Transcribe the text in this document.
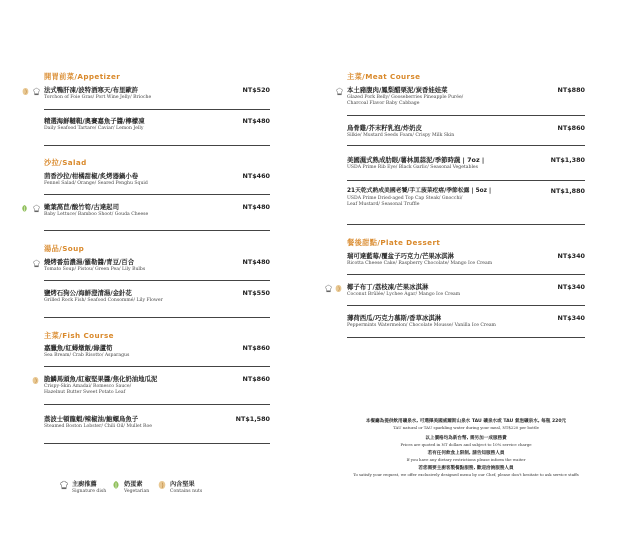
開胃前菜/Appetizer
法式鴨肝凍/波特酒寒天/布里歐許
Torchon of Foie Gras/ Port Wine Jelly/ Brioche
NT$520
精選海鮮韃靼/奧賽嘉魚子醬/檸檬凍
Daily Seafood Tartare/ Caviar/ Lemon Jelly
NT$480
沙拉/Salad
茴香沙拉/柑橘甜椒/炙烤器鍋小卷
Fennel Salad/ Orange/ Seared Penghu Squid
NT$460
嫩葉萵苣/酸竹筍/古達起司
Baby Lettuce/ Bamboo Shoot/ Gouda Cheese
NT$480
湯品/Soup
燒烤番茄濃湯/羅勒醬/青豆/百合
Tomato Soup/ Pistou/ Green Pea/ Lily Bulbs
NT$480
鹽烤石狗公/海鮮澄清湯/金針花
Grilled Rock Fish/ Seafood Consommé/ Lily Flower
NT$550
主菜/Fish Course
嘉臘魚/紅蟳燉飯/綠蘆筍
Sea Bream/ Crab Risotto/ Asparagus
NT$860
脆鱗馬頭魚/紅椒堅果醬/焦化奶油地瓜泥
Crispy-Skin Amadai/ Romesco Sauce/
Hazelnut Butter Sweet Potato Leaf
NT$860
蒸波士頓龍蝦/辣椒油/鮑螺烏魚子
Steamed Boston Lobster/ Chili Oil/ Mullet Roe
NT$1,580
主廚推薦
Signature dish
奶蛋素
Vegetarian
內含堅果
Contains nuts
主菜/Meat Course
本土豬腹肉/鳳梨醋栗泥/炭香娃娃菜
Glazed Pork Belly/ Gooseberries Pineapple Purée/
Charcoal Flavor Baby Cabbage
NT$880
烏骨雞/芥末籽乳泡/炸奶皮
Silkie/ Mustard Seeds Foam/ Crispy Milk Skin
NT$860
美國濕式熟成肋眼/薯林黑蒜泥/季節時蔬 | 7oz |
USDA Prime Rib Eye/ Black Garlic/ Seasonal Vegetables
NT$1,380
21天乾式熟成美國老饕/手工菠菜疙瘩/季節松露 | 5oz |
USDA Prime Dried-aged Top Cap Steak/ Gnocchi/
Leaf Mustard/ Seasonal Truffle
NT$1,880
餐後甜點/Plate Dessert
瑞可達藍莓/覆盆子巧克力/芒果冰淇淋
Ricotta Cheese Cake/ Raspberry Chocolate/ Mango Ice Cream
NT$340
椰子布丁/荔枝凍/芒果冰淇淋
Coconut Brûlée/ Lychee Agar/ Mango Ice Cream
NT$340
薄荷西瓜/巧克力慕斯/香草冰淇淋
Peppermints Watermelon/ Chocolate Mousse/ Vanilla Ice Cream
NT$340
本餐廳為提供飲用礦泉水, 可選擇美國威爾斯山泉水 TAU 礦泉水或 TAU 氣泡礦泉水, 每瓶 220元
TAU natural or TAU sparkling water during your meal, NT$220 per bottle
以上價格均為新台幣, 需另加一成服務費
Prices are quoted in NT dollars and subject to 10% service charge
若有任何飲食上限制, 請告知服務人員
If you have any dietary restrictions please inform the waiter
若您需要主廚客製餐點服務, 歡迎洽詢服務人員
To satisfy your request, we offer exclusively designed menu by our Chef, please don't hesitate to ask service staffs
